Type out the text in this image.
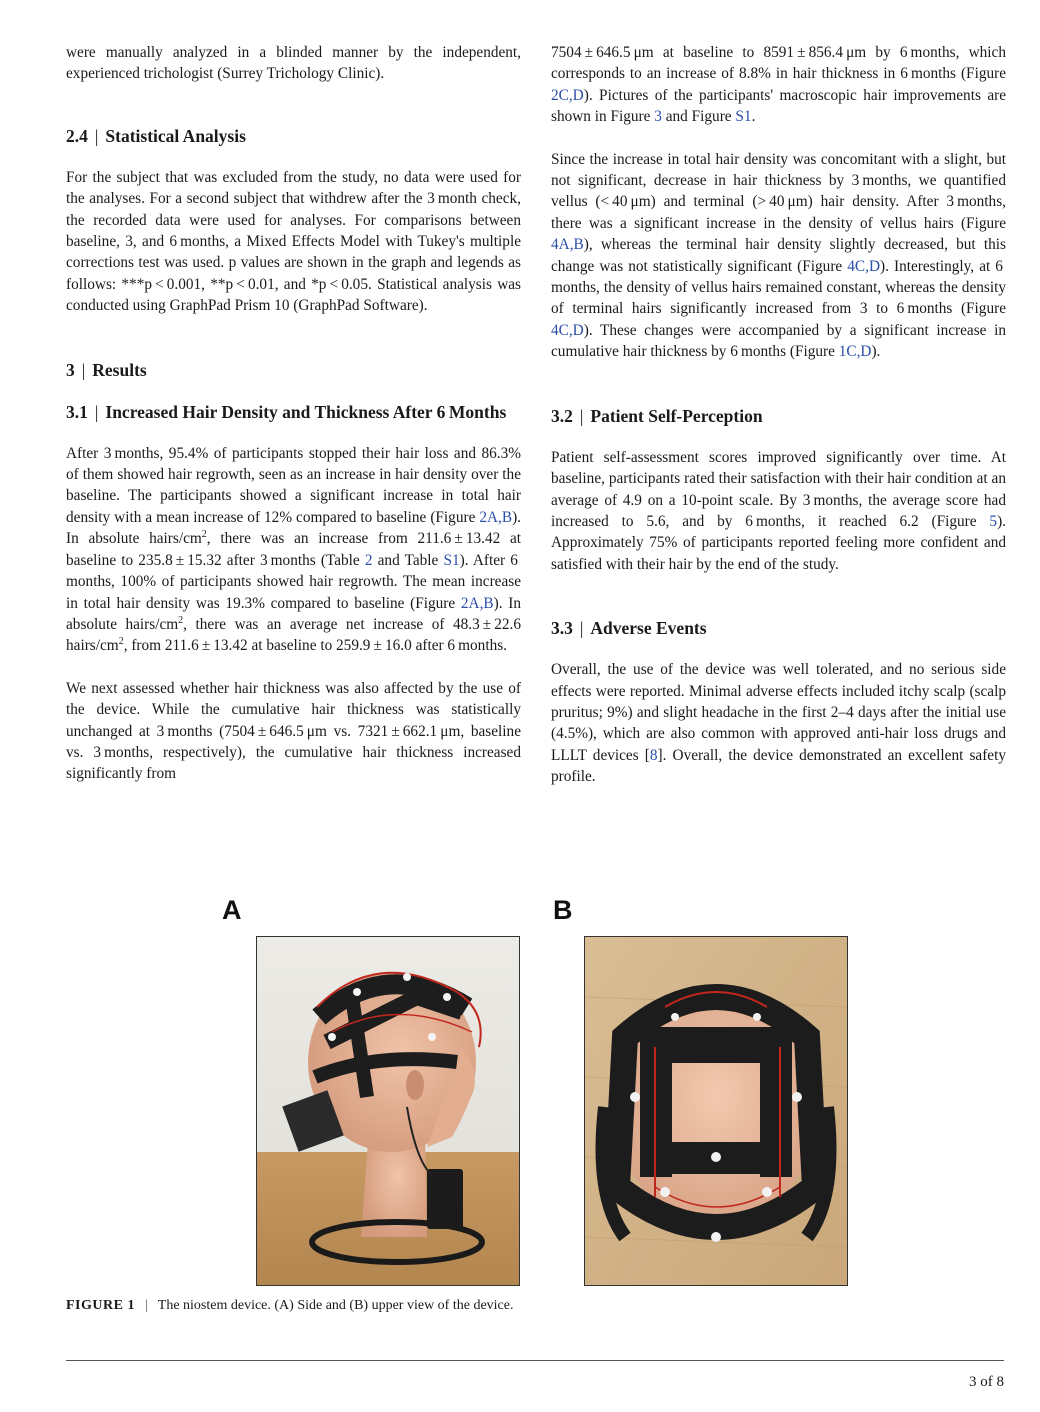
were manually analyzed in a blinded manner by the independent, experienced trichologist (Surrey Trichology Clinic).

2.4 | Statistical Analysis

For the subject that was excluded from the study, no data were used for the analyses. For a second subject that withdrew after the 3 month check, the recorded data were used for analyses. For comparisons between baseline, 3, and 6 months, a Mixed Effects Model with Tukey's multiple corrections test was used. p values are shown in the graph and legends as follows: ***p < 0.001, **p < 0.01, and *p < 0.05. Statistical analysis was conducted using GraphPad Prism 10 (GraphPad Software).

3 | Results
3.1 | Increased Hair Density and Thickness After 6 Months

After 3 months, 95.4% of participants stopped their hair loss and 86.3% of them showed hair regrowth, seen as an increase in hair density over the baseline. The participants showed a significant increase in total hair density with a mean increase of 12% compared to baseline (Figure 2A,B). In absolute hairs/$cm^2$, there was an increase from 211.6 ± 13.42 at baseline to 235.8 ± 15.32 after 3 months (Table 2 and Table S1). After 6 months, 100% of participants showed hair regrowth. The mean increase in total hair density was 19.3% compared to baseline (Figure 2A,B). In absolute hairs/$cm^2$, there was an average net increase of 48.3 ± 22.6 hairs/$cm^2$, from 211.6 ± 13.42 at baseline to 259.9 ± 16.0 after 6 months.

We next assessed whether hair thickness was also affected by the use of the device. While the cumulative hair thickness was statistically unchanged at 3 months (7504 ± 646.5 μm vs. 7321 ± 662.1 μm, baseline vs. 3 months, respectively), the cumulative hair thickness increased significantly from

7504 ± 646.5 μm at baseline to 8591 ± 856.4 μm by 6 months, which corresponds to an increase of 8.8% in hair thickness in 6 months (Figure 2C,D). Pictures of the participants' macroscopic hair improvements are shown in Figure 3 and Figure S1.

Since the increase in total hair density was concomitant with a slight, but not significant, decrease in hair thickness by 3 months, we quantified vellus (< 40 μm) and terminal (> 40 μm) hair density. After 3 months, there was a significant increase in the density of vellus hairs (Figure 4A,B), whereas the terminal hair density slightly decreased, but this change was not statistically significant (Figure 4C,D). Interestingly, at 6 months, the density of vellus hairs remained constant, whereas the density of terminal hairs significantly increased from 3 to 6 months (Figure 4C,D). These changes were accompanied by a significant increase in cumulative hair thickness by 6 months (Figure 1C,D).

3.2 | Patient Self-Perception

Patient self-assessment scores improved significantly over time. At baseline, participants rated their satisfaction with their hair condition at an average of 4.9 on a 10-point scale. By 3 months, the average score had increased to 5.6, and by 6 months, it reached 6.2 (Figure 5). Approximately 75% of participants reported feeling more confident and satisfied with their hair by the end of the study.

3.3 | Adverse Events

Overall, the use of the device was well tolerated, and no serious side effects were reported. Minimal adverse effects included itchy scalp (scalp pruritus; 9%) and slight headache in the first 2–4 days after the initial use (4.5%), which are also common with approved anti-hair loss drugs and LLLT devices [8]. Overall, the device demonstrated an excellent safety profile.

A	B
FIGURE 1 | The niostem device. (A) Side and (B) upper view of the device.
3 of 8
